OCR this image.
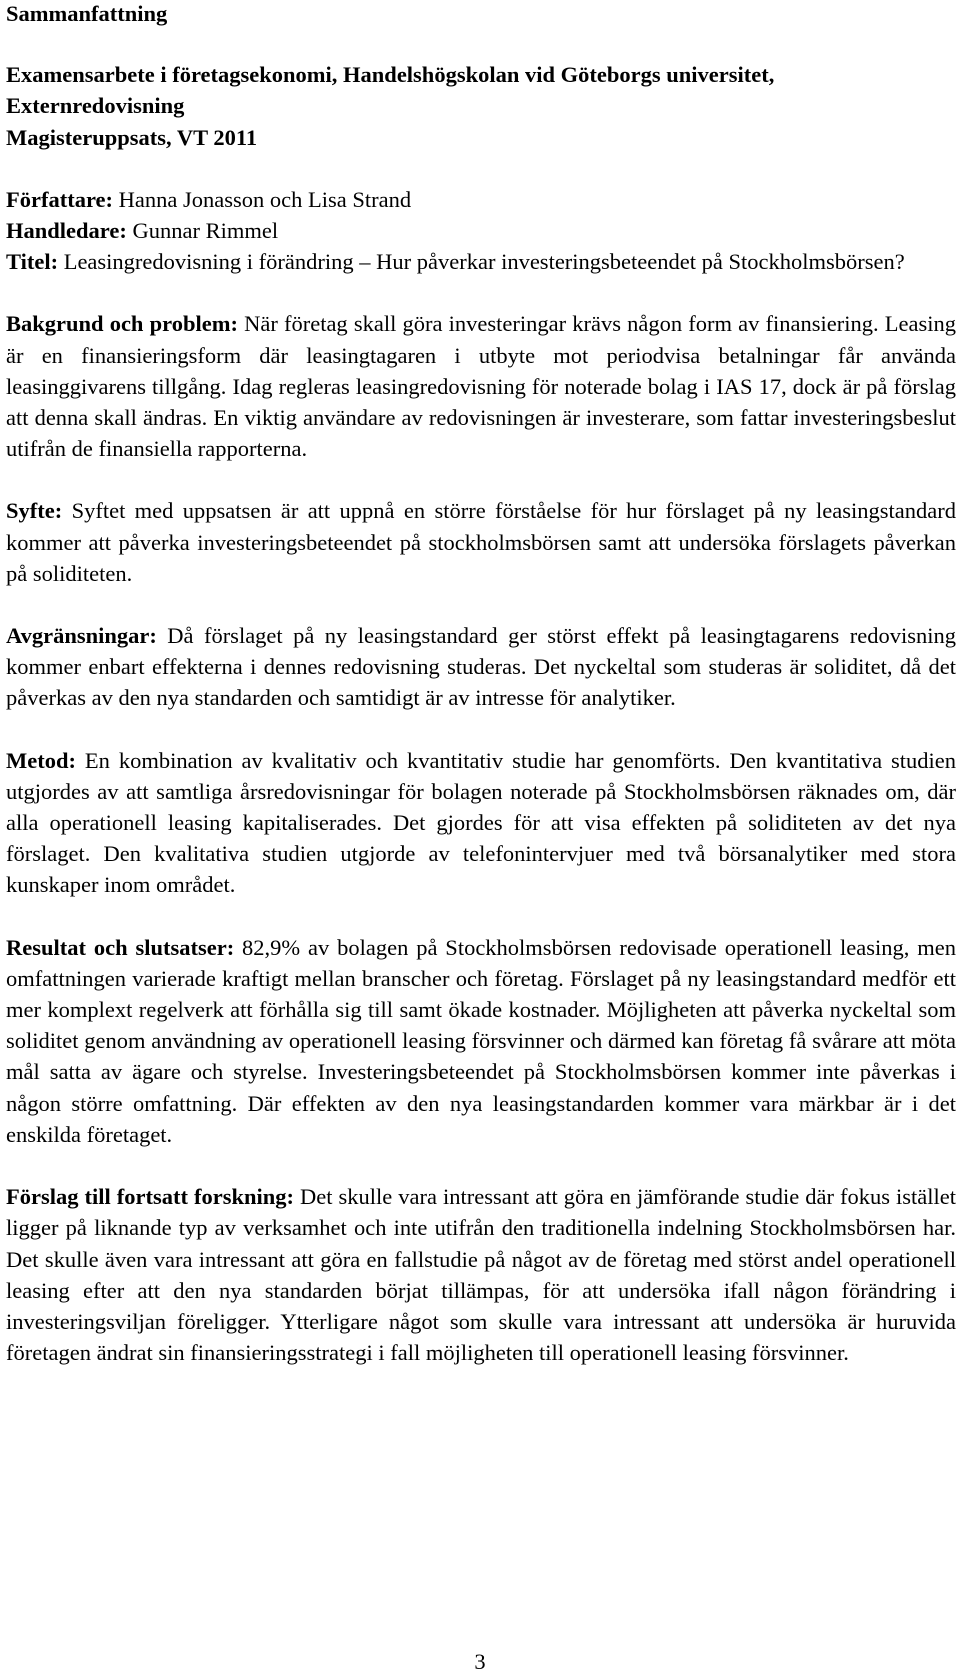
Sammanfattning
Examensarbete i företagsekonomi, Handelshögskolan vid Göteborgs universitet,
Externredovisning
Magisteruppsats, VT 2011
Författare: Hanna Jonasson och Lisa Strand
Handledare: Gunnar Rimmel
Titel: Leasingredovisning i förändring – Hur påverkar investeringsbeteendet på Stockholmsbörsen?

Bakgrund och problem: När företag skall göra investeringar krävs någon form av finansiering. Leasing är en finansieringsform där leasingtagaren i utbyte mot periodvisa betalningar får använda leasinggivarens tillgång. Idag regleras leasingredovisning för noterade bolag i IAS 17, dock är på förslag att denna skall ändras. En viktig användare av redovisningen är investerare, som fattar investeringsbeslut utifrån de finansiella rapporterna.

Syfte: Syftet med uppsatsen är att uppnå en större förståelse för hur förslaget på ny leasingstandard kommer att påverka investeringsbeteendet på stockholmsbörsen samt att undersöka förslagets påverkan på soliditeten.

Avgränsningar: Då förslaget på ny leasingstandard ger störst effekt på leasingtagarens redovisning kommer enbart effekterna i dennes redovisning studeras. Det nyckeltal som studeras är soliditet, då det påverkas av den nya standarden och samtidigt är av intresse för analytiker.

Metod: En kombination av kvalitativ och kvantitativ studie har genomförts. Den kvantitativa studien utgjordes av att samtliga årsredovisningar för bolagen noterade på Stockholmsbörsen räknades om, där alla operationell leasing kapitaliserades. Det gjordes för att visa effekten på soliditeten av det nya förslaget. Den kvalitativa studien utgjorde av telefonintervjuer med två börsanalytiker med stora kunskaper inom området.

Resultat och slutsatser: 82,9% av bolagen på Stockholmsbörsen redovisade operationell leasing, men omfattningen varierade kraftigt mellan branscher och företag. Förslaget på ny leasingstandard medför ett mer komplext regelverk att förhålla sig till samt ökade kostnader. Möjligheten att påverka nyckeltal som soliditet genom användning av operationell leasing försvinner och därmed kan företag få svårare att möta mål satta av ägare och styrelse. Investeringsbeteendet på Stockholmsbörsen kommer inte påverkas i någon större omfattning. Där effekten av den nya leasingstandarden kommer vara märkbar är i det enskilda företaget.

Förslag till fortsatt forskning: Det skulle vara intressant att göra en jämförande studie där fokus istället ligger på liknande typ av verksamhet och inte utifrån den traditionella indelning Stockholmsbörsen har. Det skulle även vara intressant att göra en fallstudie på något av de företag med störst andel operationell leasing efter att den nya standarden börjat tillämpas, för att undersöka ifall någon förändring i investeringsviljan föreligger. Ytterligare något som skulle vara intressant att undersöka är huruvida företagen ändrat sin finansieringsstrategi i fall möjligheten till operationell leasing försvinner.

3
